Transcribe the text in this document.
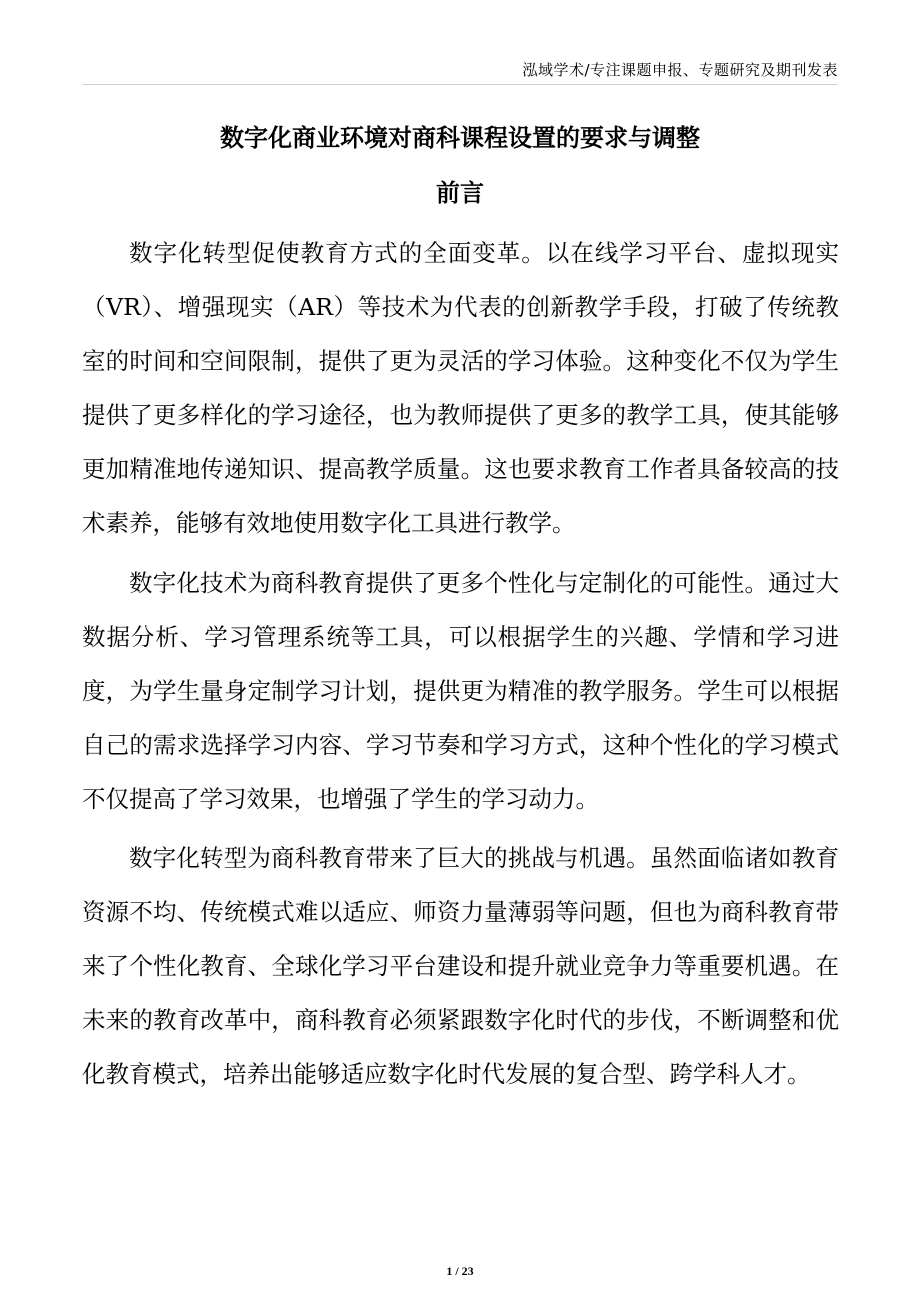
泓域学术/专注课题申报、专题研究及期刊发表
数字化商业环境对商科课程设置的要求与调整
前言

数字化转型促使教育方式的全面变革。以在线学习平台、虚拟现实（VR）、增强现实（AR）等技术为代表的创新教学手段，打破了传统教室的时间和空间限制，提供了更为灵活的学习体验。这种变化不仅为学生提供了更多样化的学习途径，也为教师提供了更多的教学工具，使其能够更加精准地传递知识、提高教学质量。这也要求教育工作者具备较高的技术素养，能够有效地使用数字化工具进行教学。

数字化技术为商科教育提供了更多个性化与定制化的可能性。通过大数据分析、学习管理系统等工具，可以根据学生的兴趣、学情和学习进度，为学生量身定制学习计划，提供更为精准的教学服务。学生可以根据自己的需求选择学习内容、学习节奏和学习方式，这种个性化的学习模式不仅提高了学习效果，也增强了学生的学习动力。

数字化转型为商科教育带来了巨大的挑战与机遇。虽然面临诸如教育资源不均、传统模式难以适应、师资力量薄弱等问题，但也为商科教育带来了个性化教育、全球化学习平台建设和提升就业竞争力等重要机遇。在未来的教育改革中，商科教育必须紧跟数字化时代的步伐，不断调整和优化教育模式，培养出能够适应数字化时代发展的复合型、跨学科人才。

1 / 23
